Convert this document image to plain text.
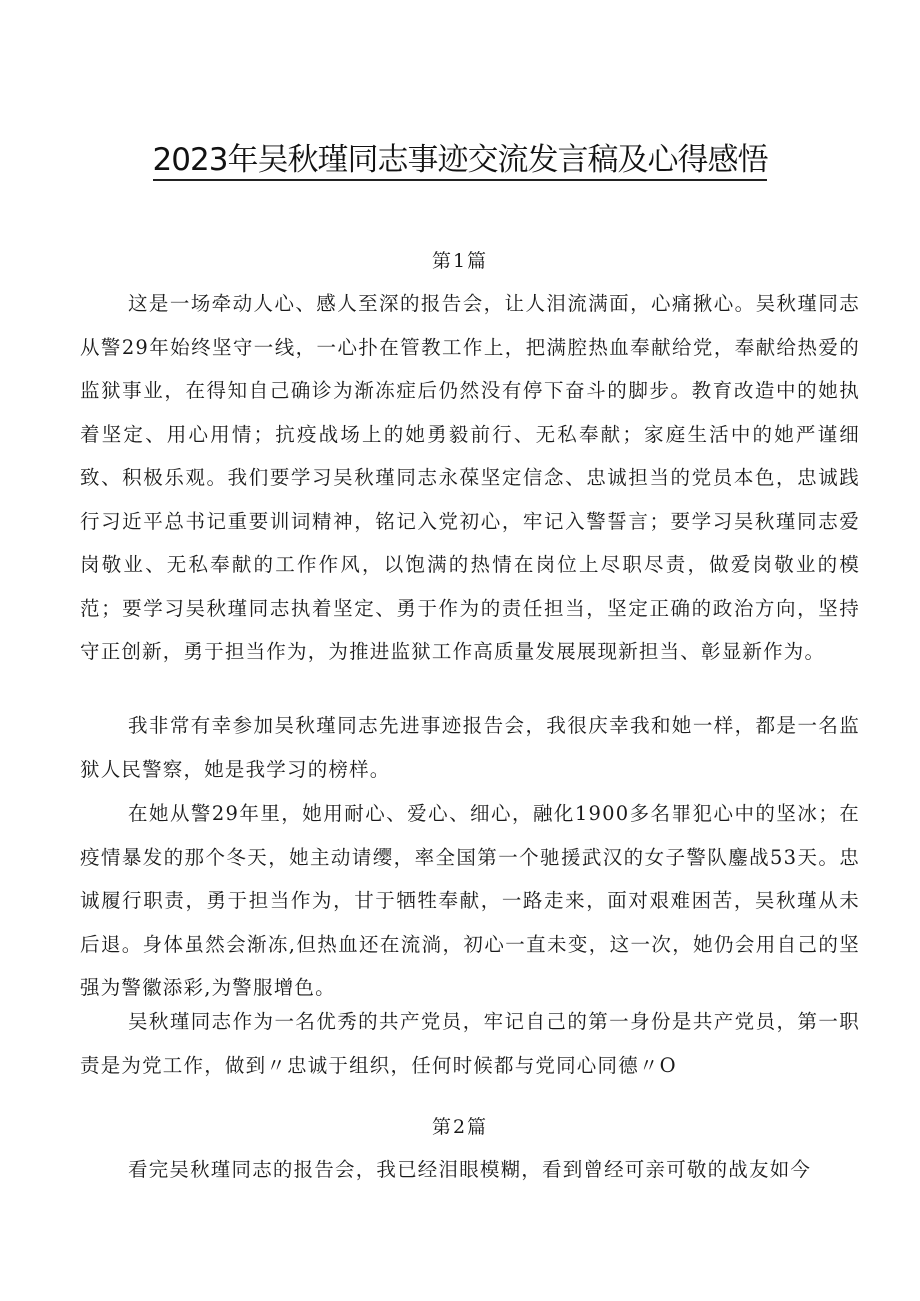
2023年吴秋瑾同志事迹交流发言稿及心得感悟
第1篇

这是一场牵动人心、感人至深的报告会，让人泪流满面，心痛揪心。吴秋瑾同志从警29年始终坚守一线，一心扑在管教工作上，把满腔热血奉献给党，奉献给热爱的监狱事业，在得知自己确诊为渐冻症后仍然没有停下奋斗的脚步。教育改造中的她执着坚定、用心用情；抗疫战场上的她勇毅前行、无私奉献；家庭生活中的她严谨细致、积极乐观。我们要学习吴秋瑾同志永葆坚定信念、忠诚担当的党员本色，忠诚践行习近平总书记重要训词精神，铭记入党初心，牢记入警誓言；要学习吴秋瑾同志爱岗敬业、无私奉献的工作作风，以饱满的热情在岗位上尽职尽责，做爱岗敬业的模范；要学习吴秋瑾同志执着坚定、勇于作为的责任担当，坚定正确的政治方向，坚持守正创新，勇于担当作为，为推进监狱工作高质量发展展现新担当、彰显新作为。

我非常有幸参加吴秋瑾同志先进事迹报告会，我很庆幸我和她一样，都是一名监狱人民警察，她是我学习的榜样。

在她从警29年里，她用耐心、爱心、细心，融化1900多名罪犯心中的坚冰；在疫情暴发的那个冬天，她主动请缨，率全国第一个驰援武汉的女子警队鏖战53天。忠诚履行职责，勇于担当作为，甘于牺牲奉献，一路走来，面对艰难困苦，吴秋瑾从未后退。身体虽然会渐冻,但热血还在流淌，初心一直未变，这一次，她仍会用自己的坚强为警徽添彩,为警服增色。

吴秋瑾同志作为一名优秀的共产党员，牢记自己的第一身份是共产党员，第一职责是为党工作，做到〃忠诚于组织，任何时候都与党同心同德〃O

第2篇

看完吴秋瑾同志的报告会，我已经泪眼模糊，看到曾经可亲可敬的战友如今
